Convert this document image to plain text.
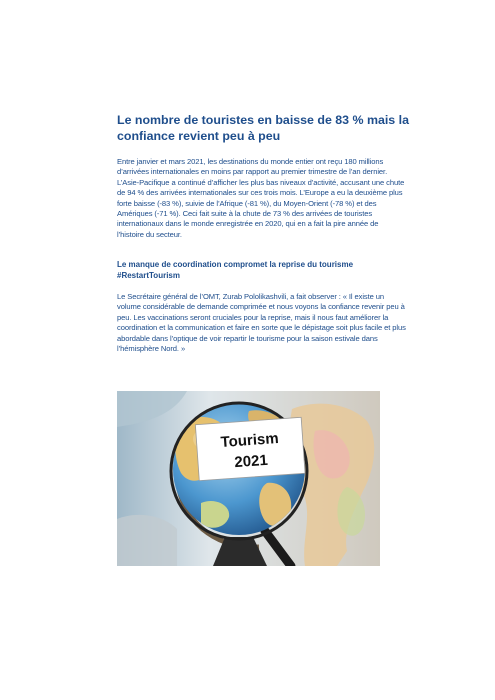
Le nombre de touristes en baisse de 83 % mais la confiance revient peu à peu

Entre janvier et mars 2021, les destinations du monde entier ont reçu 180 millions d’arrivées internationales en moins par rapport au premier trimestre de l’an dernier. L’Asie-Pacifique a continué d’afficher les plus bas niveaux d’activité, accusant une chute de 94 % des arrivées internationales sur ces trois mois. L’Europe a eu la deuxième plus forte baisse (-83 %), suivie de l’Afrique (-81 %), du Moyen-Orient (-78 %) et des Amériques (-71 %). Ceci fait suite à la chute de 73 % des arrivées de touristes internationaux dans le monde enregistrée en 2020, qui en a fait la pire année de l’histoire du secteur.

Le manque de coordination compromet la reprise du tourisme #RestartTourism

Le Secrétaire général de l’OMT, Zurab Pololikashvili, a fait observer : « Il existe un volume considérable de demande comprimée et nous voyons la confiance revenir peu à peu. Les vaccinations seront cruciales pour la reprise, mais il nous faut améliorer la coordination et la communication et faire en sorte que le dépistage soit plus facile et plus abordable dans l’optique de voir repartir le tourisme pour la saison estivale dans l’hémisphère Nord. »

Tourism
2021
